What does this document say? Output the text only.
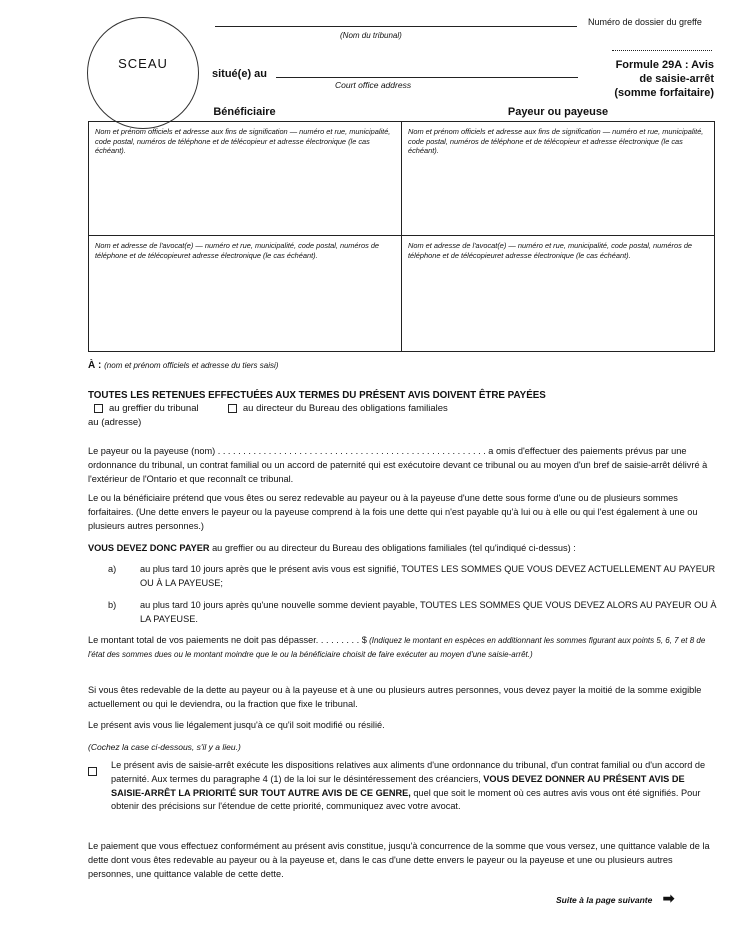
SCEAU
(Nom du tribunal)
Numéro de dossier du greffe
situé(e) au
Court office address
Formule 29A : Avis
de saisie-arrêt
(somme forfaitaire)
Bénéficiaire	Payeur ou payeuse
Nom et prénom officiels et adresse aux fins de signification — numéro et rue, municipalité, code postal, numéros de téléphone et de télécopieur et adresse électronique (le cas échéant).	Nom et prénom officiels et adresse aux fins de signification — numéro et rue, municipalité, code postal, numéros de téléphone et de télécopieur et adresse électronique (le cas échéant).
Nom et adresse de l'avocat(e) — numéro et rue, municipalité, code postal, numéros de téléphone et de télécopieuret adresse électronique (le cas échéant).	Nom et adresse de l'avocat(e) — numéro et rue, municipalité, code postal, numéros de téléphone et de télécopieuret adresse électronique (le cas échéant).
À : (nom et prénom officiels et adresse du tiers saisi)
TOUTES LES RETENUES EFFECTUÉES AUX TERMES DU PRÉSENT AVIS DOIVENT ÊTRE PAYÉES
au greffier du tribunal	au directeur du Bureau des obligations familiales
au (adresse)
Le payeur ou la payeuse (nom) . . . . . . . . . . . . . . . . . . . . . . . . . . . . . . . . . . . . . . . . . . . . . . . . . . . . . a omis d'effectuer des paiements prévus par une ordonnance du tribunal, un contrat familial ou un accord de paternité qui est exécutoire devant ce tribunal ou au moyen d'un bref de saisie-arrêt délivré à l'extérieur de l'Ontario et que reconnaît ce tribunal.
Le ou la bénéficiaire prétend que vous êtes ou serez redevable au payeur ou à la payeuse d'une dette sous forme d'une ou de plusieurs sommes forfaitaires. (Une dette envers le payeur ou la payeuse comprend à la fois une dette qui n'est payable qu'à lui ou à elle ou qui l'est également à une ou plusieurs autres personnes.)
VOUS DEVEZ DONC PAYER au greffier ou au directeur du Bureau des obligations familiales (tel qu'indiqué ci-dessus) :
a)	au plus tard 10 jours après que le présent avis vous est signifié, TOUTES LES SOMMES QUE VOUS DEVEZ ACTUELLEMENT AU PAYEUR OU À LA PAYEUSE;
b)	au plus tard 10 jours après qu'une nouvelle somme devient payable, TOUTES LES SOMMES QUE VOUS DEVEZ ALORS AU PAYEUR OU À LA PAYEUSE.
Le montant total de vos paiements ne doit pas dépasser. . . . . . . . . $ (Indiquez le montant en espèces en additionnant les sommes figurant aux points 5, 6, 7 et 8 de l'état des sommes dues ou le montant moindre que le ou la bénéficiaire choisit de faire exécuter au moyen d'une saisie-arrêt.)
Si vous êtes redevable de la dette au payeur ou à la payeuse et à une ou plusieurs autres personnes, vous devez payer la moitié de la somme exigible actuellement ou qui le deviendra, ou la fraction que fixe le tribunal.
Le présent avis vous lie légalement jusqu'à ce qu'il soit modifié ou résilié.
(Cochez la case ci-dessous, s'il y a lieu.)
Le présent avis de saisie-arrêt exécute les dispositions relatives aux aliments d'une ordonnance du tribunal, d'un contrat familial ou d'un accord de paternité. Aux termes du paragraphe 4 (1) de la loi sur le désintéressement des créanciers, VOUS DEVEZ DONNER AU PRÉSENT AVIS DE SAISIE-ARRÊT LA PRIORITÉ SUR TOUT AUTRE AVIS DE CE GENRE, quel que soit le moment où ces autres avis vous ont été signifiés. Pour obtenir des précisions sur l'étendue de cette priorité, communiquez avec votre avocat.
Le paiement que vous effectuez conformément au présent avis constitue, jusqu'à concurrence de la somme que vous versez, une quittance valable de la dette dont vous êtes redevable au payeur ou à la payeuse et, dans le cas d'une dette envers le payeur ou la payeuse et une ou plusieurs autres personnes, une quittance valable de cette dette.
Suite à la page suivante ➡
